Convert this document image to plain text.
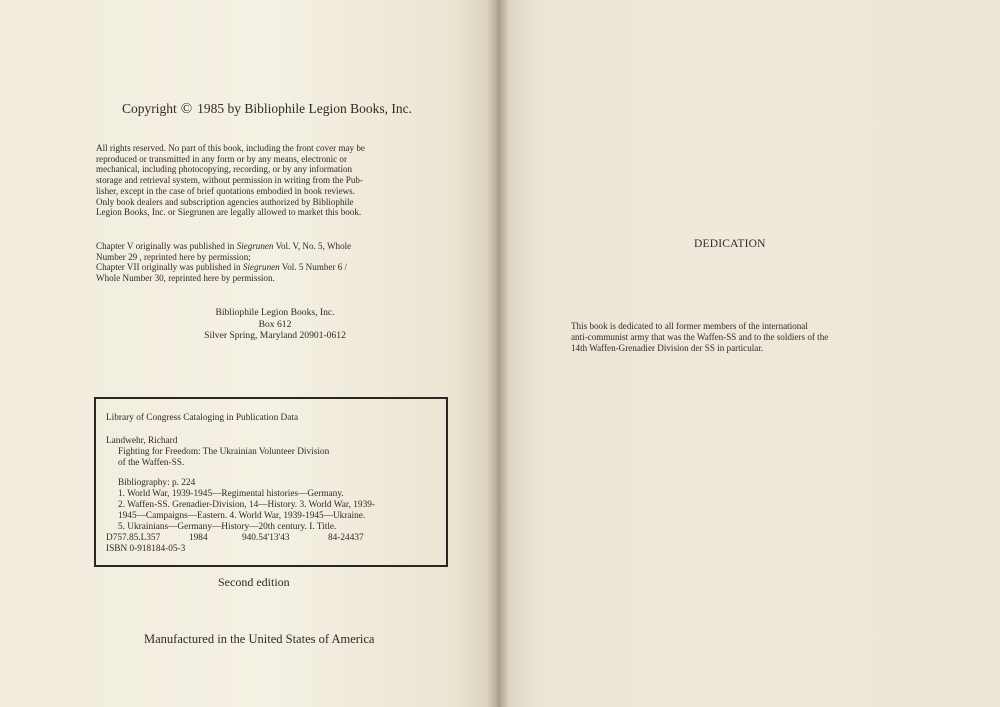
Copyright © 1985 by Bibliophile Legion Books, Inc.
All rights reserved. No part of this book, including the front cover may be
reproduced or transmitted in any form or by any means, electronic or
mechanical, including photocopying, recording, or by any information
storage and retrieval system, without permission in writing from the Pub-
lisher, except in the case of brief quotations embodied in book reviews.
Only book dealers and subscription agencies authorized by Bibliophile
Legion Books, Inc. or Siegrunen are legally allowed to market this book.
Chapter V originally was published in Siegrunen Vol. V, No. 5, Whole
Number 29 , reprinted here by permission;
Chapter VII originally was published in Siegrunen Vol. 5 Number 6 /
Whole Number 30, reprinted here by permission.
Bibliophile Legion Books, Inc.
Box 612
Silver Spring, Maryland 20901-0612
Library of Congress Cataloging in Publication Data
Landwehr, Richard
Fighting for Freedom: The Ukrainian Volunteer Division
of the Waffen-SS.
Bibliography: p. 224
1. World War, 1939-1945—Regimental histories—Germany.
2. Waffen-SS. Grenadier-Division, 14—History. 3. World War, 1939-
1945—Campaigns—Eastern. 4. World War, 1939-1945—Ukraine.
5. Ukrainians—Germany—History—20th century. I. Title.
D757.85.L357	1984	940.54'13'43	84-24437
ISBN 0-918184-05-3
Second edition
Manufactured in the United States of America
DEDICATION
This book is dedicated to all former members of the international
anti-communist army that was the Waffen-SS and to the soldiers of the
14th Waffen-Grenadier Division der SS in particular.
